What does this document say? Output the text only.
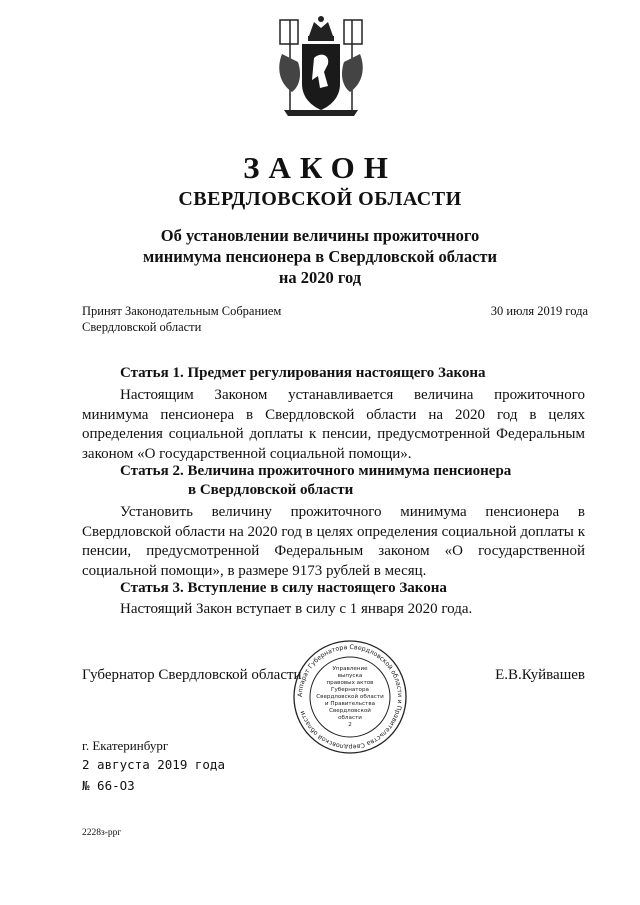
ЗАКОН
СВЕРДЛОВСКОЙ ОБЛАСТИ
Об установлении величины прожиточного
минимума пенсионера в Свердловской области
на 2020 год
Принят Законодательным Собранием
Свердловской области
30 июля 2019 года
Статья 1. Предмет регулирования настоящего Закона
Настоящим Законом устанавливается величина прожиточного минимума пенсионера в Свердловской области на 2020 год в целях определения социальной доплаты к пенсии, предусмотренной Федеральным законом «О государственной социальной помощи».
Статья 2. Величина прожиточного минимума пенсионера
в Свердловской области
Установить величину прожиточного минимума пенсионера в Свердловской области на 2020 год в целях определения социальной доплаты к пенсии, предусмотренной Федеральным законом «О государственной социальной помощи», в размере 9173 рублей в месяц.
Статья 3. Вступление в силу настоящего Закона
Настоящий Закон вступает в силу с 1 января 2020 года.
Губернатор Свердловской области	Е.В.Куйвашев
Аппарат Губернатора Свердловской области и Правительства Свердловской области
Управление
выпуска
правовых актов
Губернатора
Свердловской области
и Правительства
Свердловской
области
2
г. Екатеринбург
2 августа 2019 года
№ 66-ОЗ
2228з-ррг
